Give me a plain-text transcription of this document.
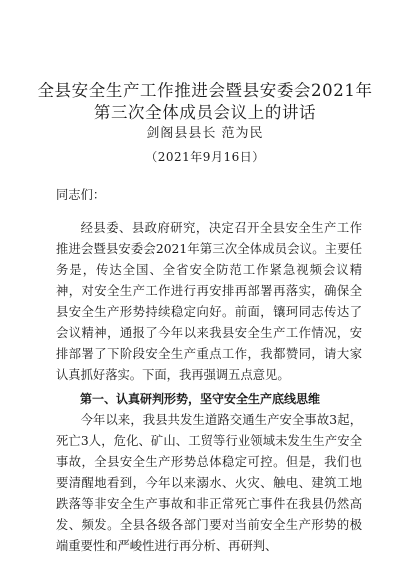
全县安全生产工作推进会暨县安委会2021年
第三次全体成员会议上的讲话
剑阁县县长 范为民
（2021年9月16日）

同志们：

经县委、县政府研究，决定召开全县安全生产工作推进会暨县安委会2021年第三次全体成员会议。主要任务是，传达全国、全省安全防范工作紧急视频会议精神，对安全生产工作进行再安排再部署再落实，确保全县安全生产形势持续稳定向好。前面，镶珂同志传达了会议精神，通报了今年以来我县安全生产工作情况，安排部署了下阶段安全生产重点工作，我都赞同，请大家认真抓好落实。下面，我再强调五点意见。

第一、认真研判形势，坚守安全生产底线思维

今年以来，我县共发生道路交通生产安全事故3起，死亡3人，危化、矿山、工贸等行业领域未发生生产安全事故，全县安全生产形势总体稳定可控。但是，我们也要清醒地看到，今年以来溺水、火灾、触电、建筑工地跌落等非安全生产事故和非正常死亡事件在我县仍然高发、频发。全县各级各部门要对当前安全生产形势的极端重要性和严峻性进行再分析、再研判、
